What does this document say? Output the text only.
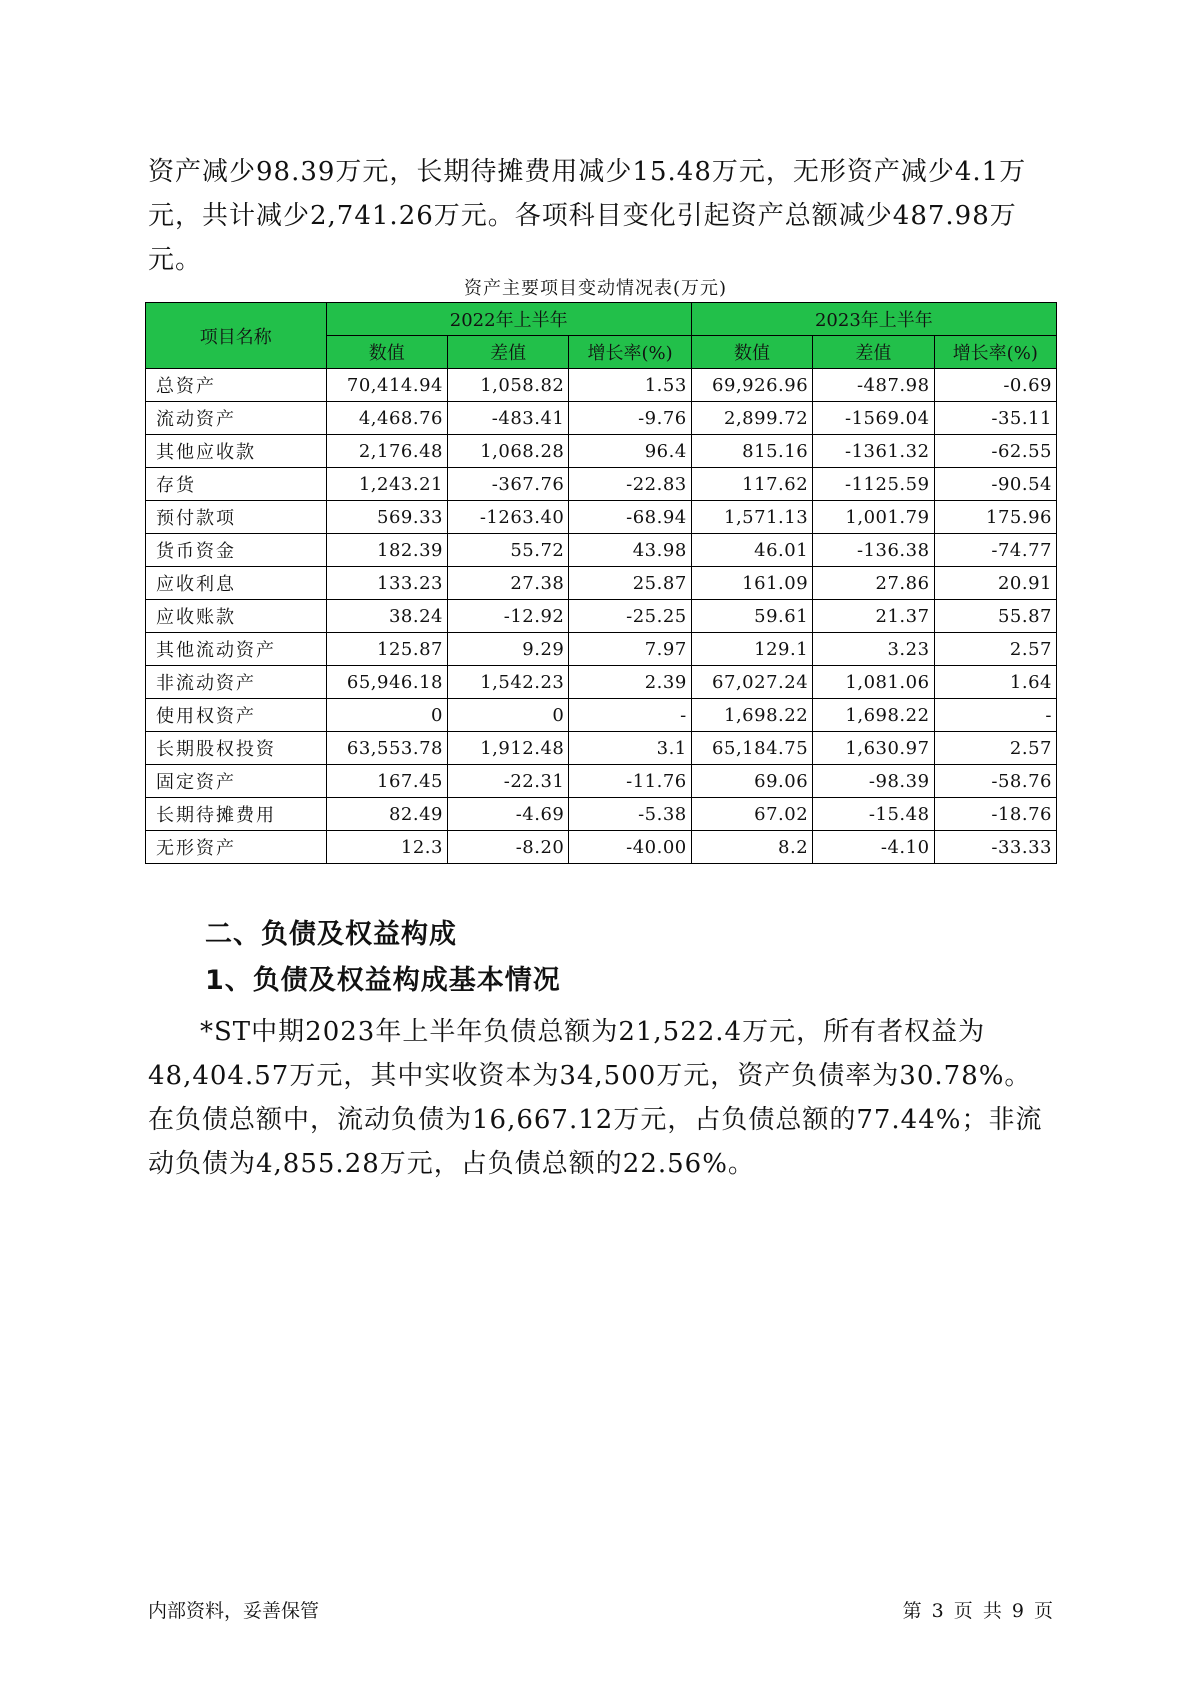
资产减少98.39万元，长期待摊费用减少15.48万元，无形资产减少4.1万元，共计减少2,741.26万元。各项科目变化引起资产总额减少487.98万元。

资产主要项目变动情况表(万元)
项目名称	2022年上半年			2023年上半年		
	数值	差值	增长率(%)	数值	差值	增长率(%)
总资产	70,414.94	1,058.82	1.53	69,926.96	-487.98	-0.69
流动资产	4,468.76	-483.41	-9.76	2,899.72	-1569.04	-35.11
其他应收款	2,176.48	1,068.28	96.4	815.16	-1361.32	-62.55
存货	1,243.21	-367.76	-22.83	117.62	-1125.59	-90.54
预付款项	569.33	-1263.40	-68.94	1,571.13	1,001.79	175.96
货币资金	182.39	55.72	43.98	46.01	-136.38	-74.77
应收利息	133.23	27.38	25.87	161.09	27.86	20.91
应收账款	38.24	-12.92	-25.25	59.61	21.37	55.87
其他流动资产	125.87	9.29	7.97	129.1	3.23	2.57
非流动资产	65,946.18	1,542.23	2.39	67,027.24	1,081.06	1.64
使用权资产	0	0	-	1,698.22	1,698.22	-
长期股权投资	63,553.78	1,912.48	3.1	65,184.75	1,630.97	2.57
固定资产	167.45	-22.31	-11.76	69.06	-98.39	-58.76
长期待摊费用	82.49	-4.69	-5.38	67.02	-15.48	-18.76
无形资产	12.3	-8.20	-40.00	8.2	-4.10	-33.33
二、负债及权益构成
1、负债及权益构成基本情况

*ST中期2023年上半年负债总额为21,522.4万元，所有者权益为48,404.57万元，其中实收资本为34,500万元，资产负债率为30.78%。在负债总额中，流动负债为16,667.12万元，占负债总额的77.44%；非流动负债为4,855.28万元，占负债总额的22.56%。

内部资料，妥善保管	第 3 页 共 9 页
